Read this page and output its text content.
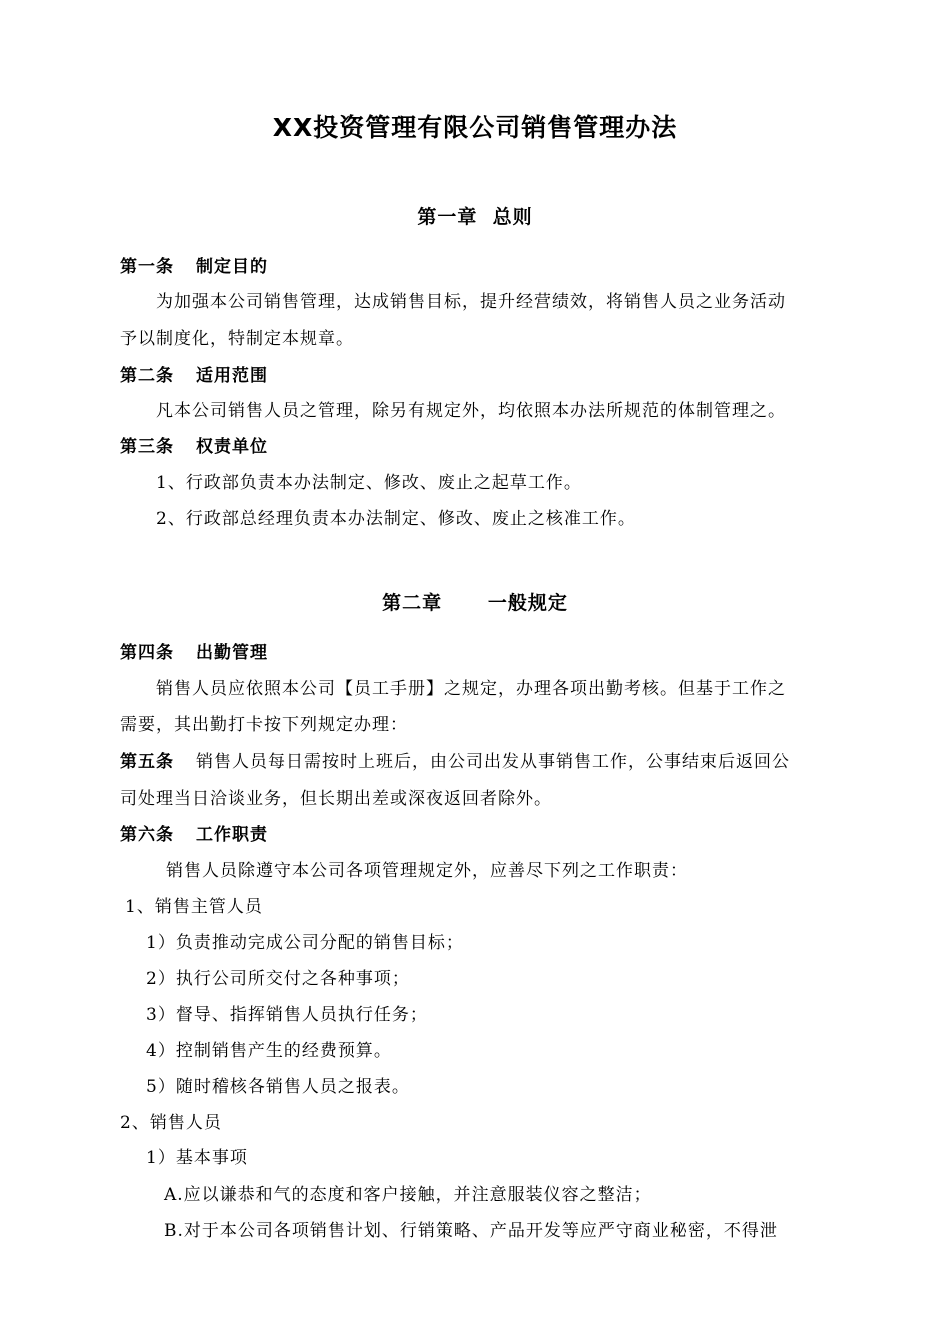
XX投资管理有限公司销售管理办法
第一章  总则
第一条 制定目的
为加强本公司销售管理，达成销售目标，提升经营绩效，将销售人员之业务活动
予以制度化，特制定本规章。
第二条 适用范围
凡本公司销售人员之管理，除另有规定外，均依照本办法所规范的体制管理之。
第三条 权责单位
1、行政部负责本办法制定、修改、废止之起草工作。
2、行政部总经理负责本办法制定、修改、废止之核准工作。
第二章      一般规定
第四条 出勤管理
销售人员应依照本公司【员工手册】之规定，办理各项出勤考核。但基于工作之
需要，其出勤打卡按下列规定办理：
第五条 销售人员每日需按时上班后，由公司出发从事销售工作，公事结束后返回公
司处理当日洽谈业务，但长期出差或深夜返回者除外。
第六条 工作职责
销售人员除遵守本公司各项管理规定外，应善尽下列之工作职责：
1、销售主管人员
1）负责推动完成公司分配的销售目标；
2）执行公司所交付之各种事项；
3）督导、指挥销售人员执行任务；
4）控制销售产生的经费预算。
5）随时稽核各销售人员之报表。
2、销售人员
1）基本事项
A.应以谦恭和气的态度和客户接触，并注意服装仪容之整洁；
B.对于本公司各项销售计划、行销策略、产品开发等应严守商业秘密，不得泄
